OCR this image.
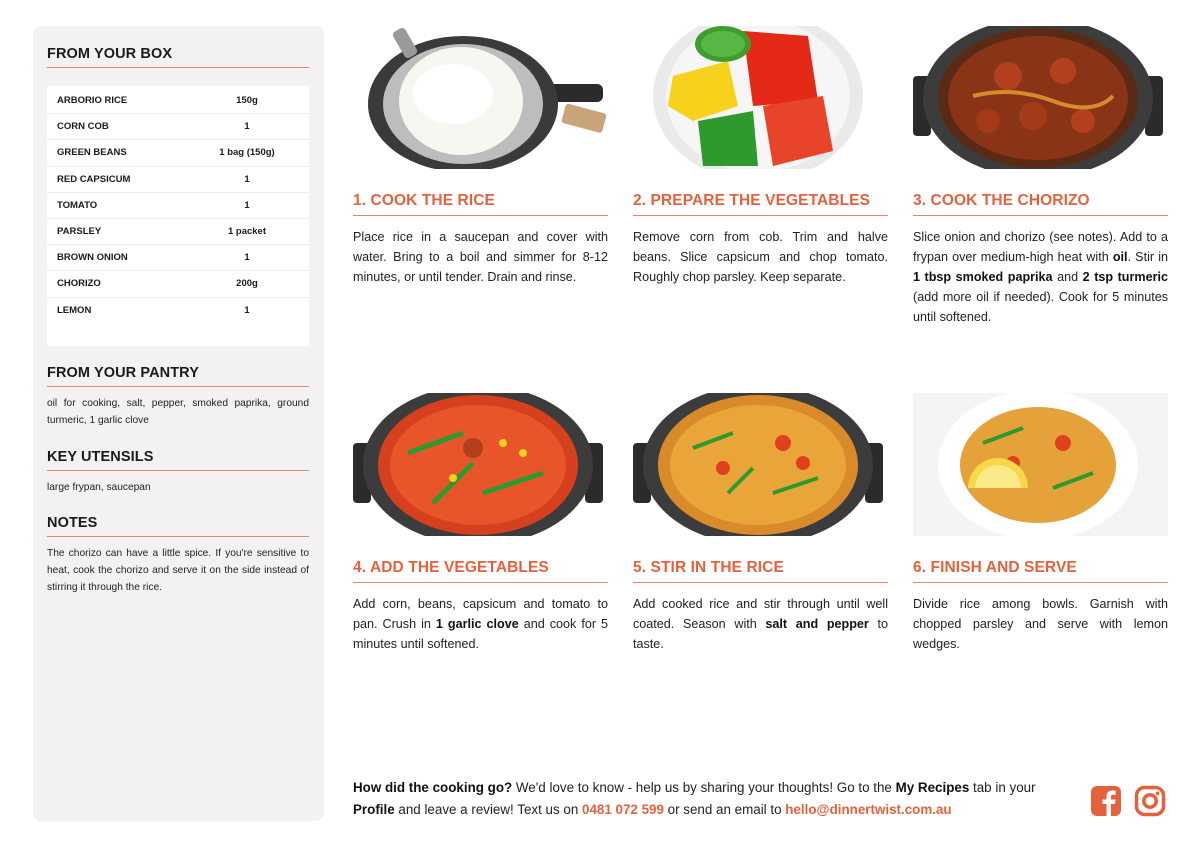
FROM YOUR BOX
ARBORIO RICE	150g
CORN COB	1
GREEN BEANS	1 bag (150g)
RED CAPSICUM	1
TOMATO	1
PARSLEY	1 packet
BROWN ONION	1
CHORIZO	200g
LEMON	1
FROM YOUR PANTRY
oil for cooking, salt, pepper, smoked paprika, ground turmeric, 1 garlic clove
KEY UTENSILS
large frypan, saucepan
NOTES
The chorizo can have a little spice. If you're sensitive to heat, cook the chorizo and serve it on the side instead of stirring it through the rice.
1. COOK THE RICE
Place rice in a saucepan and cover with water. Bring to a boil and simmer for 8-12 minutes, or until tender. Drain and rinse.
2. PREPARE THE VEGETABLES
Remove corn from cob. Trim and halve beans. Slice capsicum and chop tomato. Roughly chop parsley. Keep separate.
3. COOK THE CHORIZO
Slice onion and chorizo (see notes). Add to a frypan over medium-high heat with oil. Stir in 1 tbsp smoked paprika and 2 tsp turmeric (add more oil if needed). Cook for 5 minutes until softened.
4. ADD THE VEGETABLES
Add corn, beans, capsicum and tomato to pan. Crush in 1 garlic clove and cook for 5 minutes until softened.
5. STIR IN THE RICE
Add cooked rice and stir through until well coated. Season with salt and pepper to taste.
6. FINISH AND SERVE
Divide rice among bowls. Garnish with chopped parsley and serve with lemon wedges.
How did the cooking go? We'd love to know - help us by sharing your thoughts! Go to the My Recipes tab in your Profile and leave a review! Text us on 0481 072 599 or send an email to hello@dinnertwist.com.au
